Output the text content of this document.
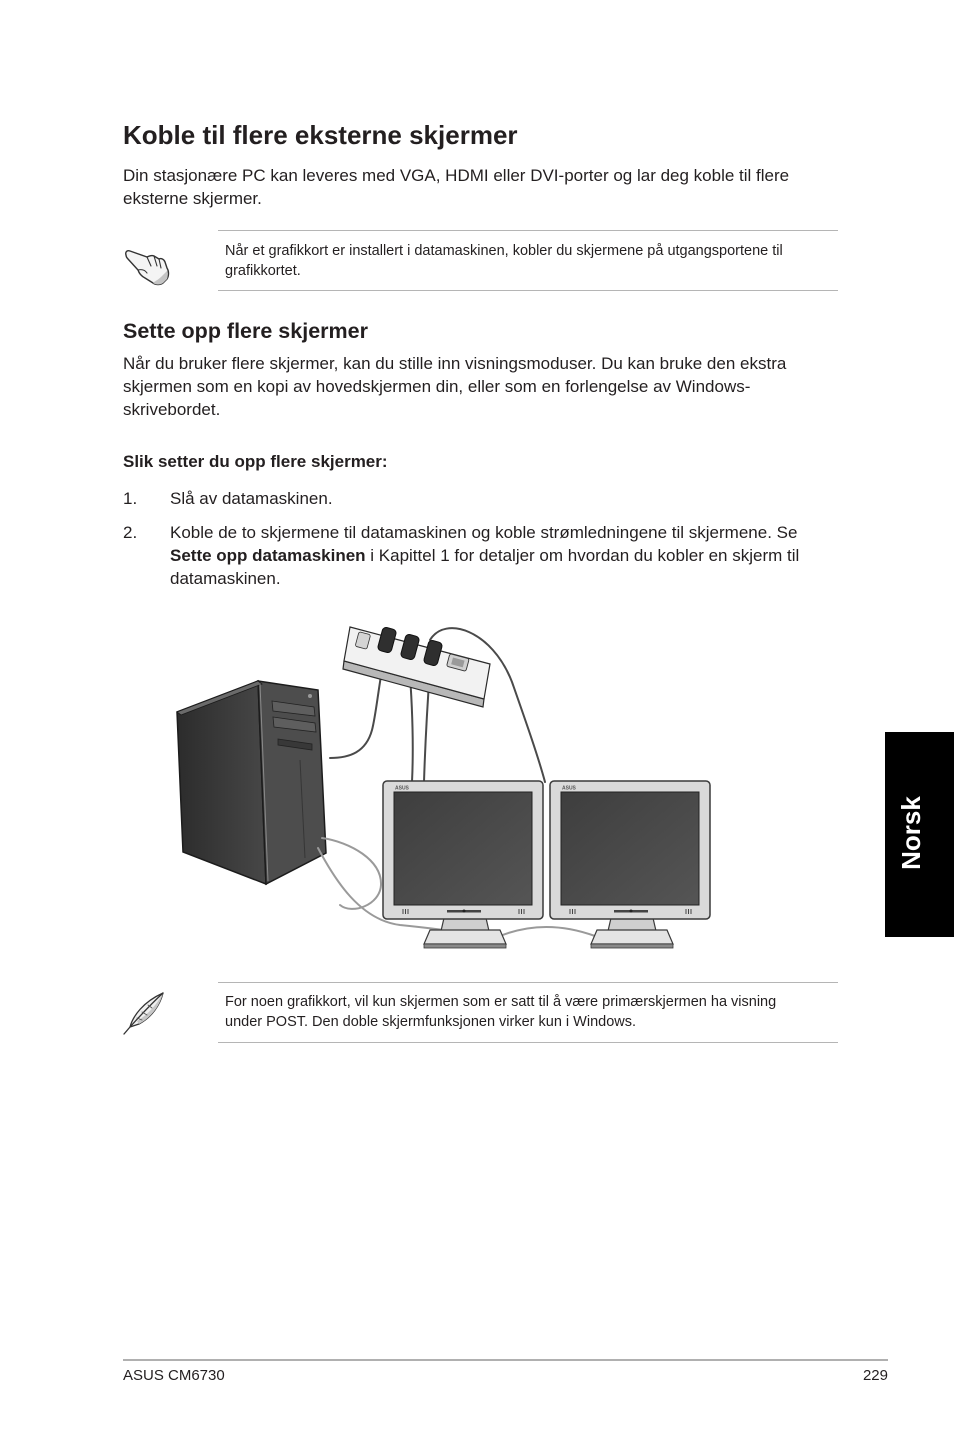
Koble til flere eksterne skjermer

Din stasjonære PC kan leveres med VGA, HDMI eller DVI-porter og lar deg koble til flere eksterne skjermer.

Når et grafikkort er installert i datamaskinen, kobler du skjermene på utgangsportene til grafikkortet.

Sette opp flere skjermer

Når du bruker flere skjermer, kan du stille inn visningsmoduser. Du kan bruke den ekstra skjermen som en kopi av hovedskjermen din, eller som en forlengelse av Windows-skrivebordet.

Slik setter du opp flere skjermer:

1. Slå av datamaskinen.

2. Koble de to skjermene til datamaskinen og koble strømledningene til skjermene. Se Sette opp datamaskinen i Kapittel 1 for detaljer om hvordan du kobler en skjerm til datamaskinen.

ASUS	ASUS

For noen grafikkort, vil kun skjermen som er satt til å være primærskjermen ha visning under POST. Den doble skjermfunksjonen virker kun i Windows.

Norsk
ASUS CM6730	229
